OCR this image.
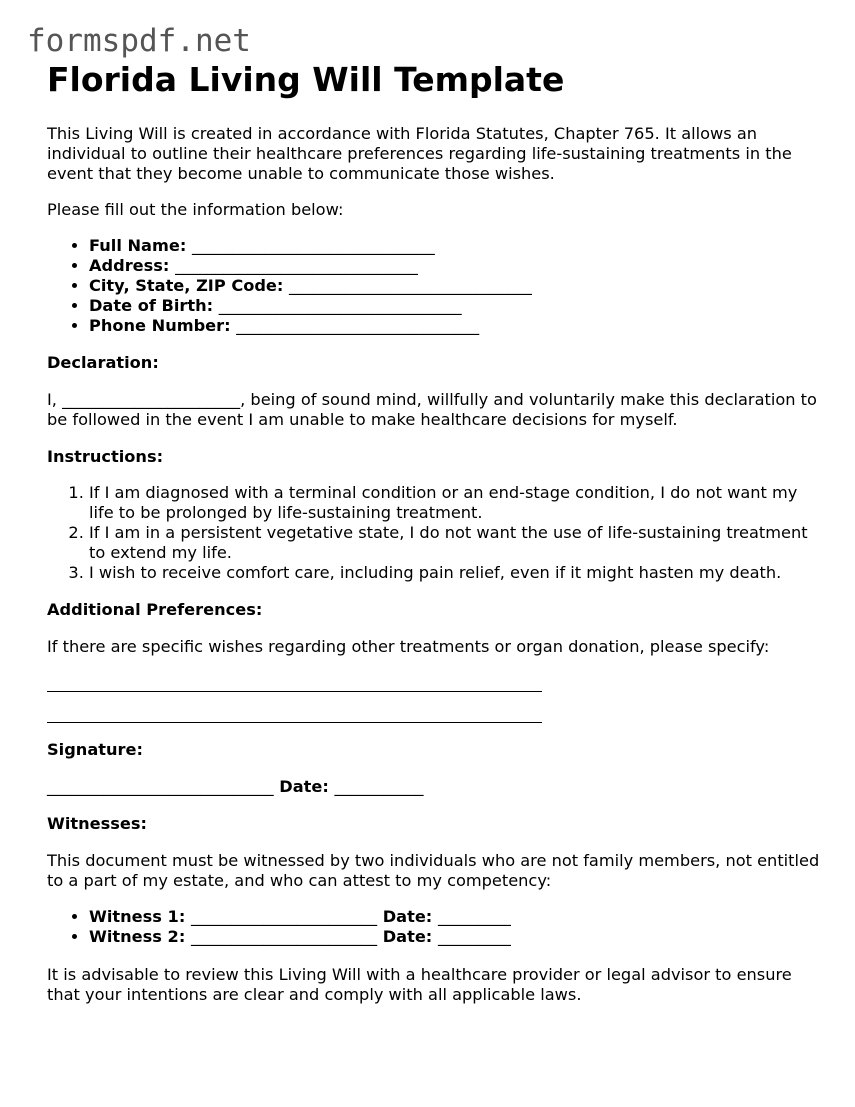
formspdf.net
Florida Living Will Template

This Living Will is created in accordance with Florida Statutes, Chapter 765. It allows an individual to outline their healthcare preferences regarding life-sustaining treatments in the event that they become unable to communicate those wishes.

Please fill out the information below:

• Full Name: ______________________________
• Address: ______________________________
• City, State, ZIP Code: ______________________________
• Date of Birth: ______________________________
• Phone Number: ______________________________

Declaration:

I, ______________________, being of sound mind, willfully and voluntarily make this declaration to be followed in the event I am unable to make healthcare decisions for myself.

Instructions:

1. If I am diagnosed with a terminal condition or an end-stage condition, I do not want my life to be prolonged by life-sustaining treatment.
2. If I am in a persistent vegetative state, I do not want the use of life-sustaining treatment to extend my life.
3. I wish to receive comfort care, including pain relief, even if it might hasten my death.

Additional Preferences:

If there are specific wishes regarding other treatments or organ donation, please specify:

Signature:

____________________________ Date: ___________

Witnesses:

This document must be witnessed by two individuals who are not family members, not entitled to a part of my estate, and who can attest to my competency:

• Witness 1: _______________________ Date: _________
• Witness 2: _______________________ Date: _________

It is advisable to review this Living Will with a healthcare provider or legal advisor to ensure that your intentions are clear and comply with all applicable laws.
